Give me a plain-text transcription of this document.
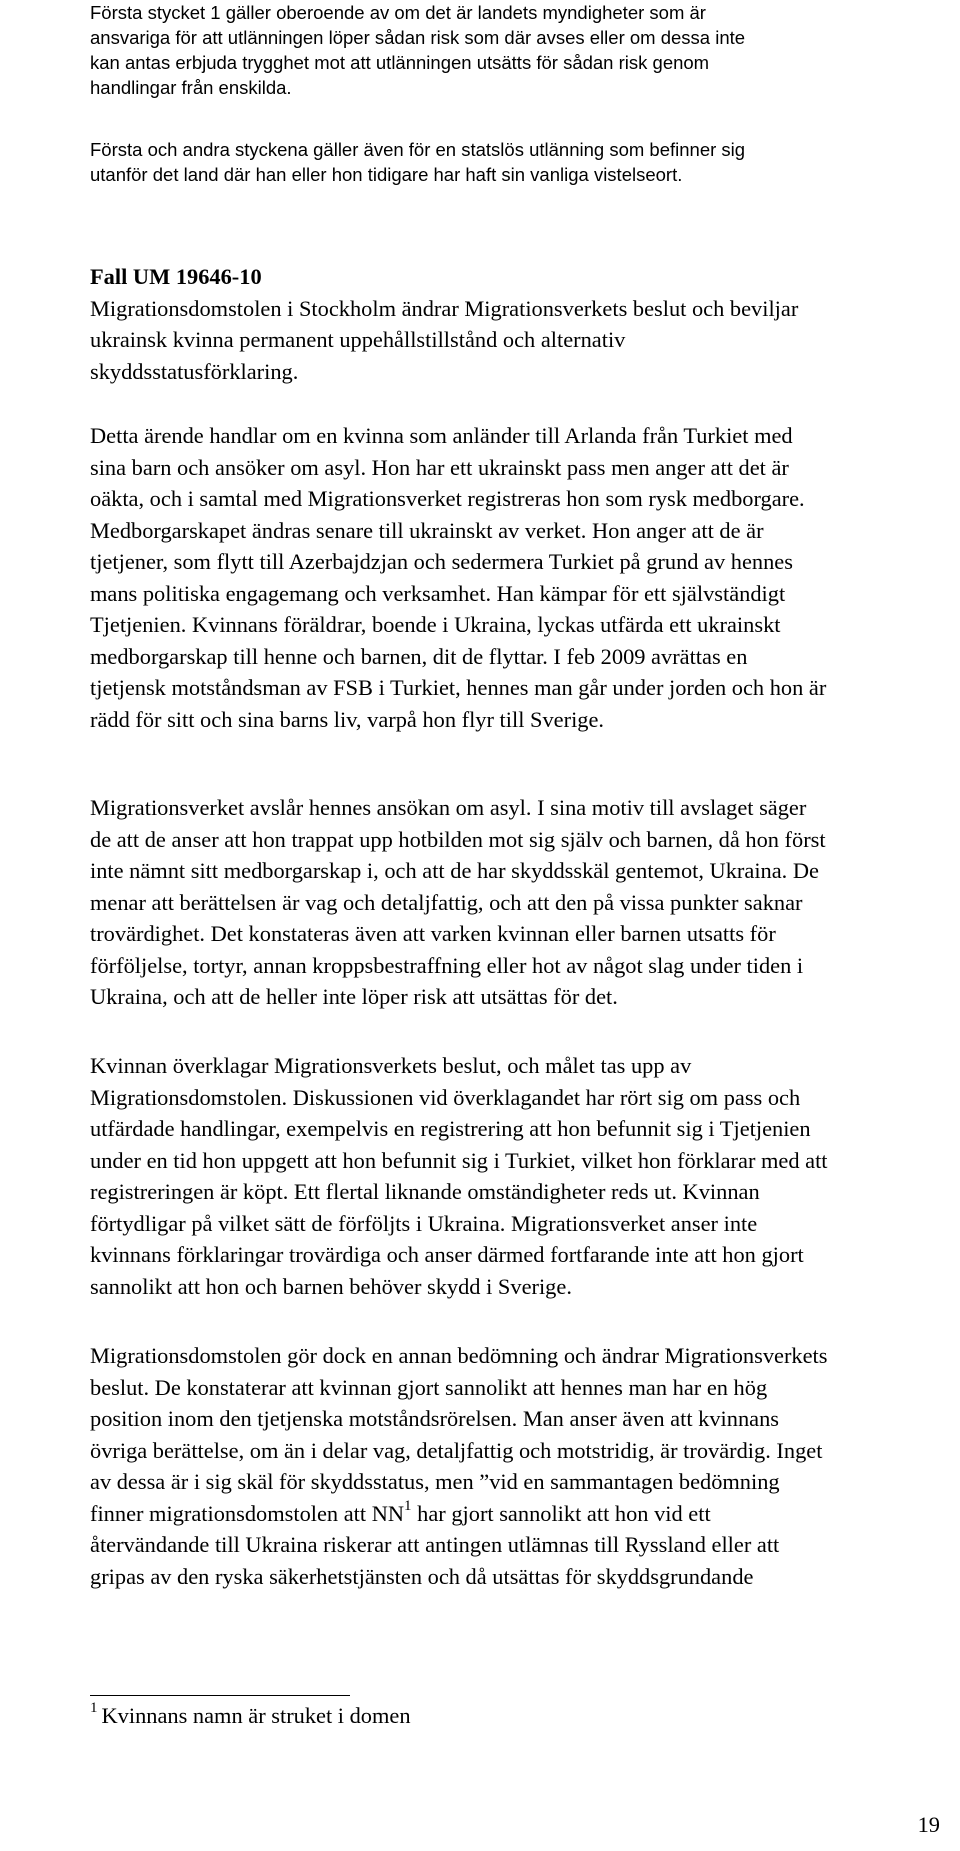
Första stycket 1 gäller oberoende av om det är landets myndigheter som är
ansvariga för att utlänningen löper sådan risk som där avses eller om dessa inte
kan antas erbjuda trygghet mot att utlänningen utsätts för sådan risk genom
handlingar från enskilda.

Första och andra styckena gäller även för en statslös utlänning som befinner sig
utanför det land där han eller hon tidigare har haft sin vanliga vistelseort.

Fall UM 19646-10
Migrationsdomstolen i Stockholm ändrar Migrationsverkets beslut och beviljar
ukrainsk kvinna permanent uppehållstillstånd och alternativ
skyddsstatusförklaring.

Detta ärende handlar om en kvinna som anländer till Arlanda från Turkiet med
sina barn och ansöker om asyl. Hon har ett ukrainskt pass men anger att det är
oäkta, och i samtal med Migrationsverket registreras hon som rysk medborgare.
Medborgarskapet ändras senare till ukrainskt av verket. Hon anger att de är
tjetjener, som flytt till Azerbajdzjan och sedermera Turkiet på grund av hennes
mans politiska engagemang och verksamhet. Han kämpar för ett självständigt
Tjetjenien. Kvinnans föräldrar, boende i Ukraina, lyckas utfärda ett ukrainskt
medborgarskap till henne och barnen, dit de flyttar. I feb 2009 avrättas en
tjetjensk motståndsman av FSB i Turkiet, hennes man går under jorden och hon är
rädd för sitt och sina barns liv, varpå hon flyr till Sverige.

Migrationsverket avslår hennes ansökan om asyl. I sina motiv till avslaget säger
de att de anser att hon trappat upp hotbilden mot sig själv och barnen, då hon först
inte nämnt sitt medborgarskap i, och att de har skyddsskäl gentemot, Ukraina. De
menar att berättelsen är vag och detaljfattig, och att den på vissa punkter saknar
trovärdighet. Det konstateras även att varken kvinnan eller barnen utsatts för
förföljelse, tortyr, annan kroppsbestraffning eller hot av något slag under tiden i
Ukraina, och att de heller inte löper risk att utsättas för det.

Kvinnan överklagar Migrationsverkets beslut, och målet tas upp av
Migrationsdomstolen. Diskussionen vid överklagandet har rört sig om pass och
utfärdade handlingar, exempelvis en registrering att hon befunnit sig i Tjetjenien
under en tid hon uppgett att hon befunnit sig i Turkiet, vilket hon förklarar med att
registreringen är köpt. Ett flertal liknande omständigheter reds ut. Kvinnan
förtydligar på vilket sätt de förföljts i Ukraina. Migrationsverket anser inte
kvinnans förklaringar trovärdiga och anser därmed fortfarande inte att hon gjort
sannolikt att hon och barnen behöver skydd i Sverige.

Migrationsdomstolen gör dock en annan bedömning och ändrar Migrationsverkets
beslut. De konstaterar att kvinnan gjort sannolikt att hennes man har en hög
position inom den tjetjenska motståndsrörelsen. Man anser även att kvinnans
övriga berättelse, om än i delar vag, detaljfattig och motstridig, är trovärdig. Inget
av dessa är i sig skäl för skyddsstatus, men ”vid en sammantagen bedömning
finner migrationsdomstolen att NN$^1$ har gjort sannolikt att hon vid ett
återvändande till Ukraina riskerar att antingen utlämnas till Ryssland eller att
gripas av den ryska säkerhetstjänsten och då utsättas för skyddsgrundande

$^1$ Kvinnans namn är struket i domen

19
